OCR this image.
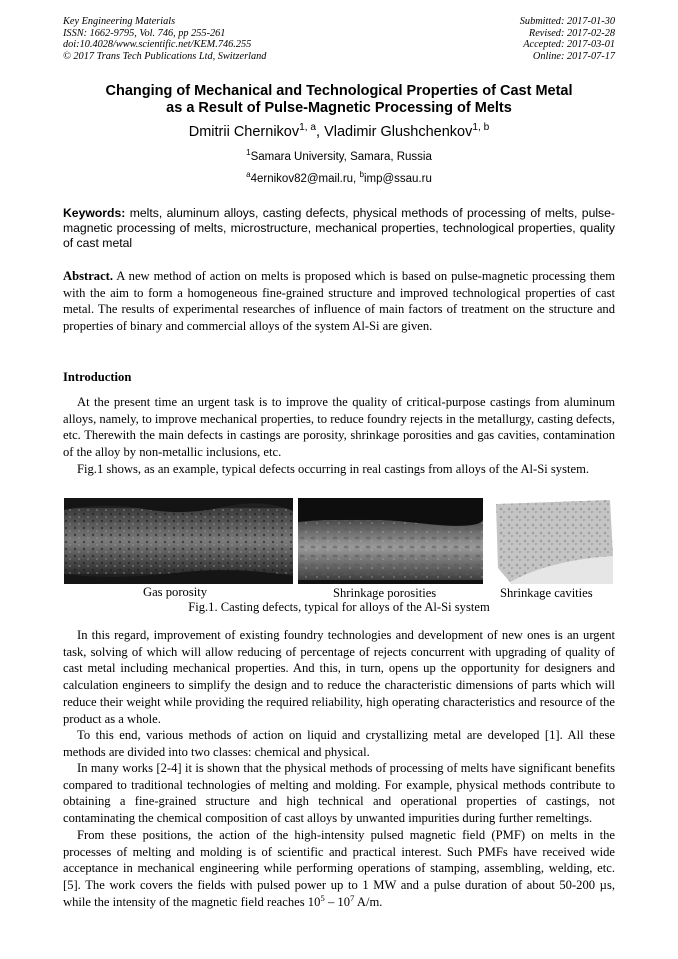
Key Engineering Materials
ISSN: 1662-9795, Vol. 746, pp 255-261
doi:10.4028/www.scientific.net/KEM.746.255
© 2017 Trans Tech Publications Ltd, Switzerland
Submitted: 2017-01-30
Revised: 2017-02-28
Accepted: 2017-03-01
Online: 2017-07-17
Changing of Mechanical and Technological Properties of Cast Metal
as a Result of Pulse-Magnetic Processing of Melts
Dmitrii Chernikov$^{1, a}$, Vladimir Glushchenkov$^{1, b}$
$^1$Samara University, Samara, Russia
$^a$4ernikov82@mail.ru, $^b$imp@ssau.ru
Keywords: melts, aluminum alloys, casting defects, physical methods of processing of melts, pulse-magnetic processing of melts, microstructure, mechanical properties, technological properties, quality of cast metal
Abstract. A new method of action on melts is proposed which is based on pulse-magnetic processing them with the aim to form a homogeneous fine-grained structure and improved technological properties of cast metal. The results of experimental researches of influence of main factors of treatment on the structure and properties of binary and commercial alloys of the system Al-Si are given.
Introduction
At the present time an urgent task is to improve the quality of critical-purpose castings from aluminum alloys, namely, to improve mechanical properties, to reduce foundry rejects in the metallurgy, casting defects, etc. Therewith the main defects in castings are porosity, shrinkage porosities and gas cavities, contamination of the alloy by non-metallic inclusions, etc.
Fig.1 shows, as an example, typical defects occurring in real castings from alloys of the Al-Si system.
Gas porosity	Shrinkage porosities	Shrinkage cavities
Fig.1. Casting defects, typical for alloys of the Al-Si system
In this regard, improvement of existing foundry technologies and development of new ones is an urgent task, solving of which will allow reducing of percentage of rejects concurrent with upgrading of quality of cast metal including mechanical properties. And this, in turn, opens up the opportunity for designers and calculation engineers to simplify the design and to reduce the characteristic dimensions of parts which will reduce their weight while providing the required reliability, high operating characteristics and resource of the product as a whole.
To this end, various methods of action on liquid and crystallizing metal are developed [1]. All these methods are divided into two classes: chemical and physical.
In many works [2-4] it is shown that the physical methods of processing of melts have significant benefits compared to traditional technologies of melting and molding. For example, physical methods contribute to obtaining a fine-grained structure and high technical and operational properties of castings, not contaminating the chemical composition of cast alloys by unwanted impurities during further remeltings.
From these positions, the action of the high-intensity pulsed magnetic field (PMF) on melts in the processes of melting and molding is of scientific and practical interest. Such PMFs have received wide acceptance in mechanical engineering while performing operations of stamping, assembling, welding, etc. [5]. The work covers the fields with pulsed power up to 1 MW and a pulse duration of about 50-200 µs, while the intensity of the magnetic field reaches $10^5 - 10^7$ A/m.
